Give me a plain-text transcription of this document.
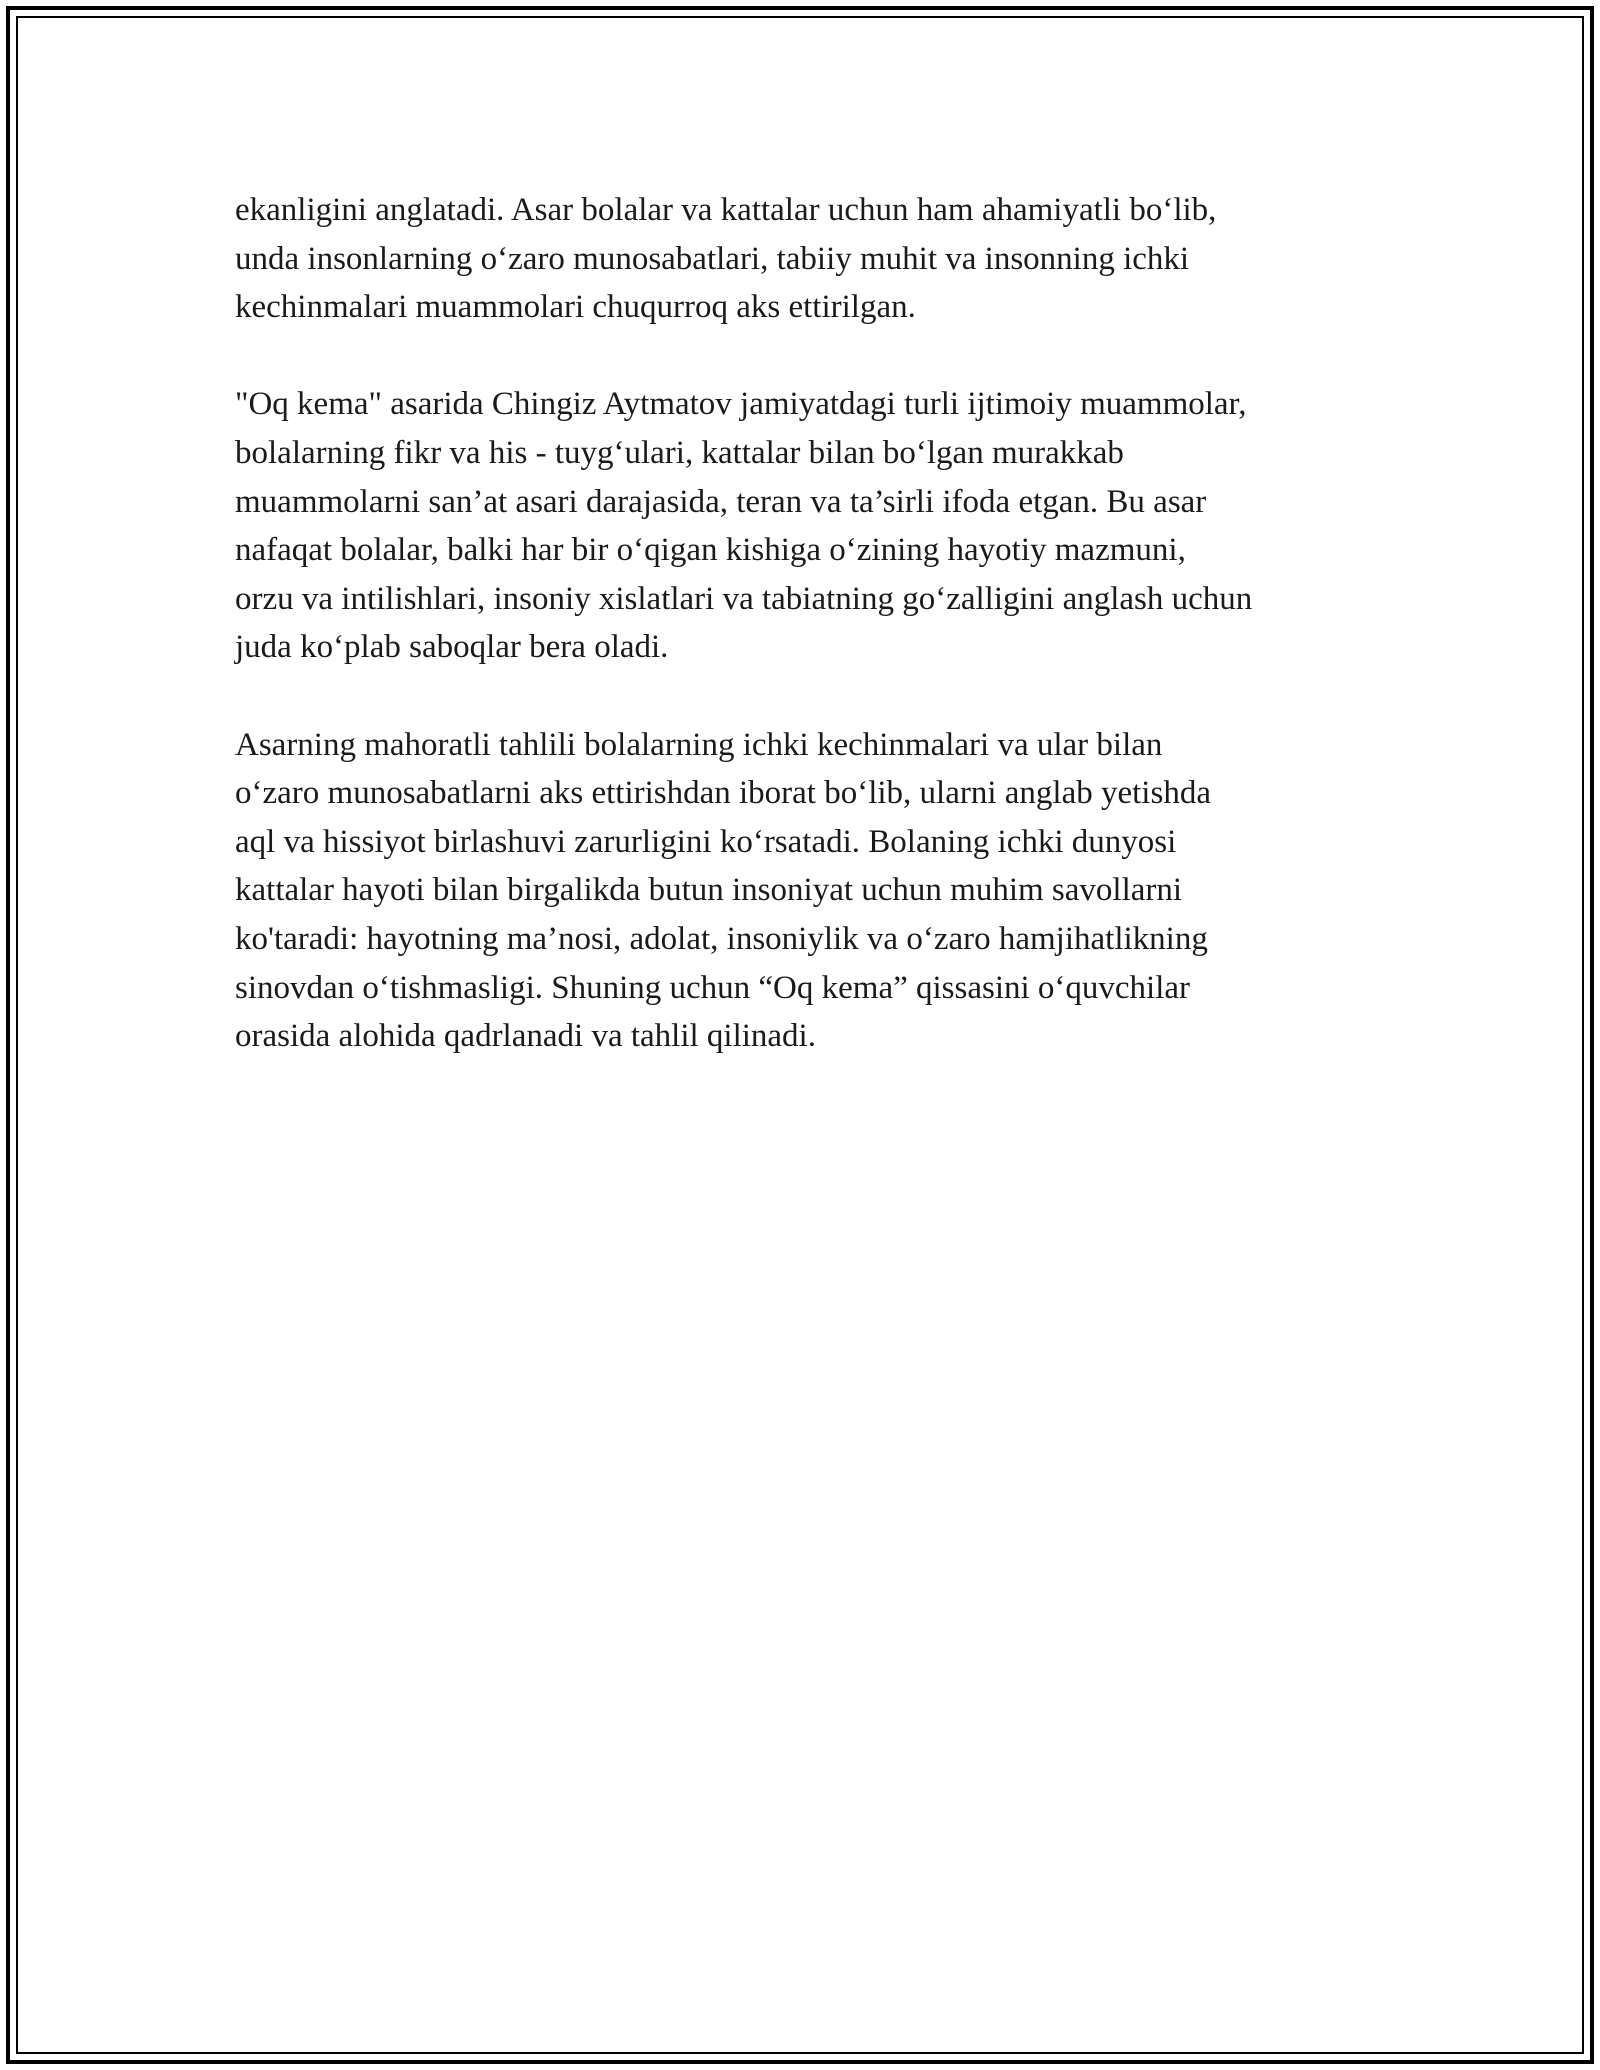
ekanligini anglatadi. Asar bolalar va kattalar uchun ham ahamiyatli bo‘lib,
unda insonlarning o‘zaro munosabatlari, tabiiy muhit va insonning ichki
kechinmalari muammolari chuqurroq aks ettirilgan.

"Oq kema" asarida Chingiz Aytmatov jamiyatdagi turli ijtimoiy muammolar,
bolalarning fikr va his - tuyg‘ulari, kattalar bilan bo‘lgan murakkab
muammolarni san’at asari darajasida, teran va ta’sirli ifoda etgan. Bu asar
nafaqat bolalar, balki har bir o‘qigan kishiga o‘zining hayotiy mazmuni,
orzu va intilishlari, insoniy xislatlari va tabiatning go‘zalligini anglash uchun
juda ko‘plab saboqlar bera oladi.

Asarning mahoratli tahlili bolalarning ichki kechinmalari va ular bilan
o‘zaro munosabatlarni aks ettirishdan iborat bo‘lib, ularni anglab yetishda
aql va hissiyot birlashuvi zarurligini ko‘rsatadi. Bolaning ichki dunyosi
kattalar hayoti bilan birgalikda butun insoniyat uchun muhim savollarni
ko'taradi: hayotning ma’nosi, adolat, insoniylik va o‘zaro hamjihatlikning
sinovdan o‘tishmasligi. Shuning uchun “Oq kema” qissasini o‘quvchilar
orasida alohida qadrlanadi va tahlil qilinadi.
